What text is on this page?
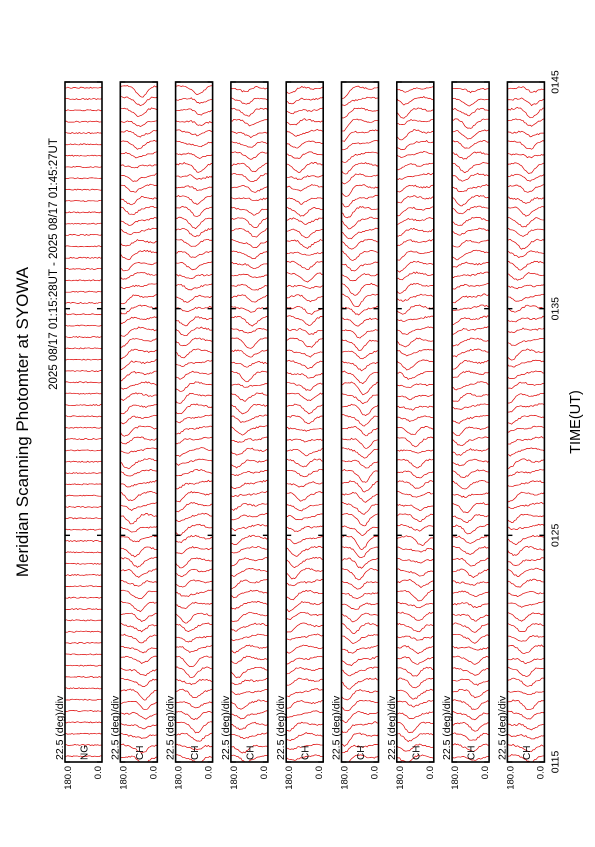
Meridian Scanning Photomter at SYOWA
2025 08/17 01:15:28UT - 2025 08/17 01:45:27UT
180.0 0.0
NG
22.5 (deg)/div
180.0 0.0
CH
22.5 (deg)/div
180.0 0.0
CH
22.5 (deg)/div
180.0 0.0
CH
22.5 (deg)/div
180.0 0.0
CH
22.5 (deg)/div
180.0 0.0
CH
22.5 (deg)/div
180.0 0.0
CH
22.5 (deg)/div
180.0 0.0
CH
22.5 (deg)/div
180.0 0.0
CH
22.5 (deg)/div
0115
0125
0135
0145
TIME(UT)
